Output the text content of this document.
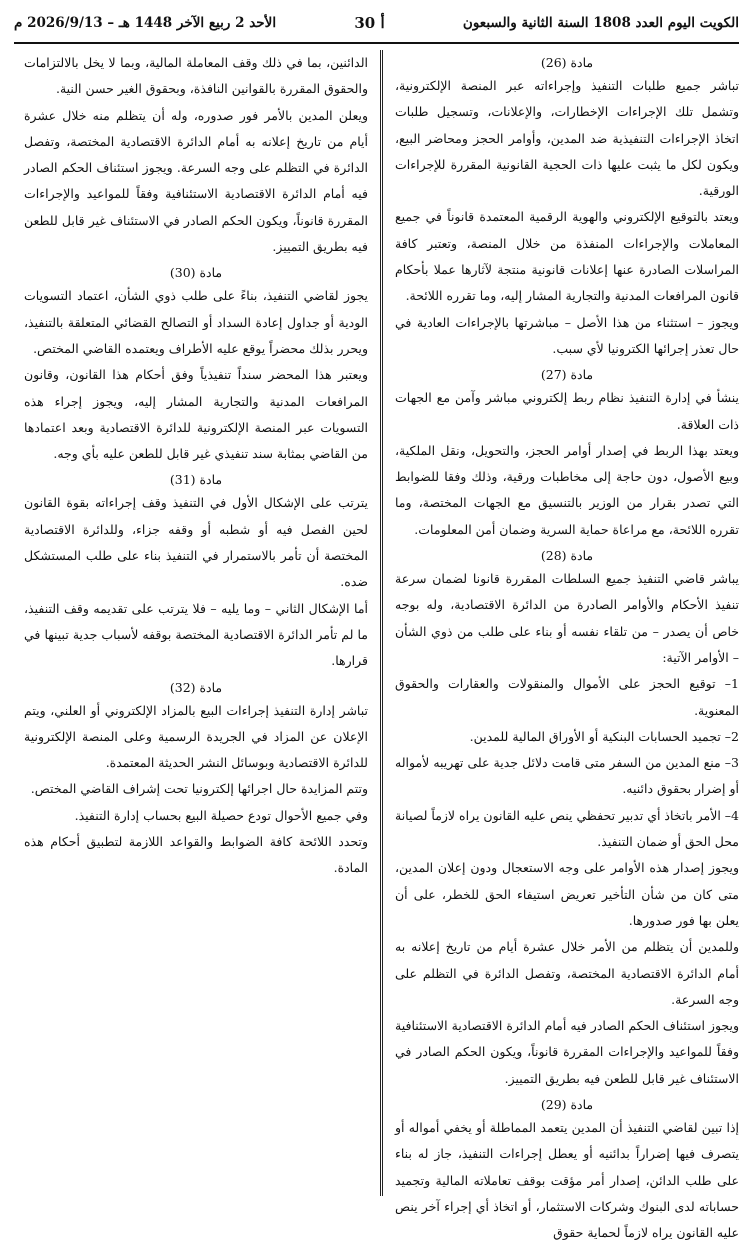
الكويت اليوم العدد 1808 السنة الثانية والسبعون
أ 30
الأحد 2 ربيع الآخر 1448 هـ – 2026/9/13 م
مادة (26)

تباشر جميع طلبات التنفيذ وإجراءاته عبر المنصة الإلكترونية، وتشمل تلك الإجراءات الإخطارات، والإعلانات، وتسجيل طلبات اتخاذ الإجراءات التنفيذية ضد المدين، وأوامر الحجز ومحاضر البيع، ويكون لكل ما يثبت عليها ذات الحجية القانونية المقررة للإجراءات الورقية.

ويعتد بالتوقيع الإلكتروني والهوية الرقمية المعتمدة قانوناً في جميع المعاملات والإجراءات المنفذة من خلال المنصة، وتعتبر كافة المراسلات الصادرة عنها إعلانات قانونية منتجة لآثارها عملا بأحكام قانون المرافعات المدنية والتجارية المشار إليه، وما تقرره اللائحة.

ويجوز – استثناء من هذا الأصل – مباشرتها بالإجراءات العادية في حال تعذر إجرائها الكترونيا لأي سبب.

مادة (27)

ينشأ في إدارة التنفيذ نظام ربط إلكتروني مباشر وآمن مع الجهات ذات العلاقة.

ويعتد بهذا الربط في إصدار أوامر الحجز، والتحويل، ونقل الملكية، وبيع الأصول، دون حاجة إلى مخاطبات ورقية، وذلك وفقا للضوابط التي تصدر بقرار من الوزير بالتنسيق مع الجهات المختصة، وما تقرره اللائحة، مع مراعاة حماية السرية وضمان أمن المعلومات.

مادة (28)

يباشر قاضي التنفيذ جميع السلطات المقررة قانونا لضمان سرعة تنفيذ الأحكام والأوامر الصادرة من الدائرة الاقتصادية، وله بوجه خاص أن يصدر – من تلقاء نفسه أو بناء على طلب من ذوي الشأن – الأوامر الآتية:

1– توقيع الحجز على الأموال والمنقولات والعقارات والحقوق المعنوية.

2– تجميد الحسابات البنكية أو الأوراق المالية للمدين.

3– منع المدين من السفر متى قامت دلائل جدية على تهريبه لأمواله أو إضرار بحقوق دائنيه.

4– الأمر باتخاذ أي تدبير تحفظي ينص عليه القانون يراه لازماً لصيانة محل الحق أو ضمان التنفيذ.

ويجوز إصدار هذه الأوامر على وجه الاستعجال ودون إعلان المدين، متى كان من شأن التأخير تعريض استيفاء الحق للخطر، على أن يعلن بها فور صدورها.

وللمدين أن يتظلم من الأمر خلال عشرة أيام من تاريخ إعلانه به أمام الدائرة الاقتصادية المختصة، وتفصل الدائرة في التظلم على وجه السرعة.

ويجوز استئناف الحكم الصادر فيه أمام الدائرة الاقتصادية الاستئنافية وفقاً للمواعيد والإجراءات المقررة قانوناً، ويكون الحكم الصادر في الاستئناف غير قابل للطعن فيه بطريق التمييز.

مادة (29)

إذا تبين لقاضي التنفيذ أن المدين يتعمد المماطلة أو يخفي أمواله أو يتصرف فيها إضراراً بدائنيه أو يعطل إجراءات التنفيذ، جاز له بناء على طلب الدائن، إصدار أمر مؤقت بوقف تعاملاته المالية وتجميد حساباته لدى البنوك وشركات الاستثمار، أو اتخاذ أي إجراء آخر ينص عليه القانون يراه لازماً لحماية حقوق

الدائنين، بما في ذلك وقف المعاملة المالية، وبما لا يخل بالالتزامات والحقوق المقررة بالقوانين النافذة، وبحقوق الغير حسن النية.

ويعلن المدين بالأمر فور صدوره، وله أن يتظلم منه خلال عشرة أيام من تاريخ إعلانه به أمام الدائرة الاقتصادية المختصة، وتفصل الدائرة في التظلم على وجه السرعة. ويجوز استئناف الحكم الصادر فيه أمام الدائرة الاقتصادية الاستئنافية وفقاً للمواعيد والإجراءات المقررة قانوناً، ويكون الحكم الصادر في الاستئناف غير قابل للطعن فيه بطريق التمييز.

مادة (30)

يجوز لقاضي التنفيذ، بناءً على طلب ذوي الشأن، اعتماد التسويات الودية أو جداول إعادة السداد أو التصالح القضائي المتعلقة بالتنفيذ، ويحرر بذلك محضراً يوقع عليه الأطراف ويعتمده القاضي المختص.

ويعتبر هذا المحضر سنداً تنفيذياً وفق أحكام هذا القانون، وقانون المرافعات المدنية والتجارية المشار إليه، ويجوز إجراء هذه التسويات عبر المنصة الإلكترونية للدائرة الاقتصادية وبعد اعتمادها من القاضي بمثابة سند تنفيذي غير قابل للطعن عليه بأي وجه.

مادة (31)

يترتب على الإشكال الأول في التنفيذ وقف إجراءاته بقوة القانون لحين الفصل فيه أو شطبه أو وقفه جزاء، وللدائرة الاقتصادية المختصة أن تأمر بالاستمرار في التنفيذ بناء على طلب المستشكل ضده.

أما الإشكال الثاني – وما يليه – فلا يترتب على تقديمه وقف التنفيذ، ما لم تأمر الدائرة الاقتصادية المختصة بوقفه لأسباب جدية تبينها في قرارها.

مادة (32)

تباشر إدارة التنفيذ إجراءات البيع بالمزاد الإلكتروني أو العلني، ويتم الإعلان عن المزاد في الجريدة الرسمية وعلى المنصة الإلكترونية للدائرة الاقتصادية وبوسائل النشر الحديثة المعتمدة.

وتتم المزايدة حال اجرائها إلكترونيا تحت إشراف القاضي المختص.

وفي جميع الأحوال تودع حصيلة البيع بحساب إدارة التنفيذ.

وتحدد اللائحة كافة الضوابط والقواعد اللازمة لتطبيق أحكام هذه المادة.
